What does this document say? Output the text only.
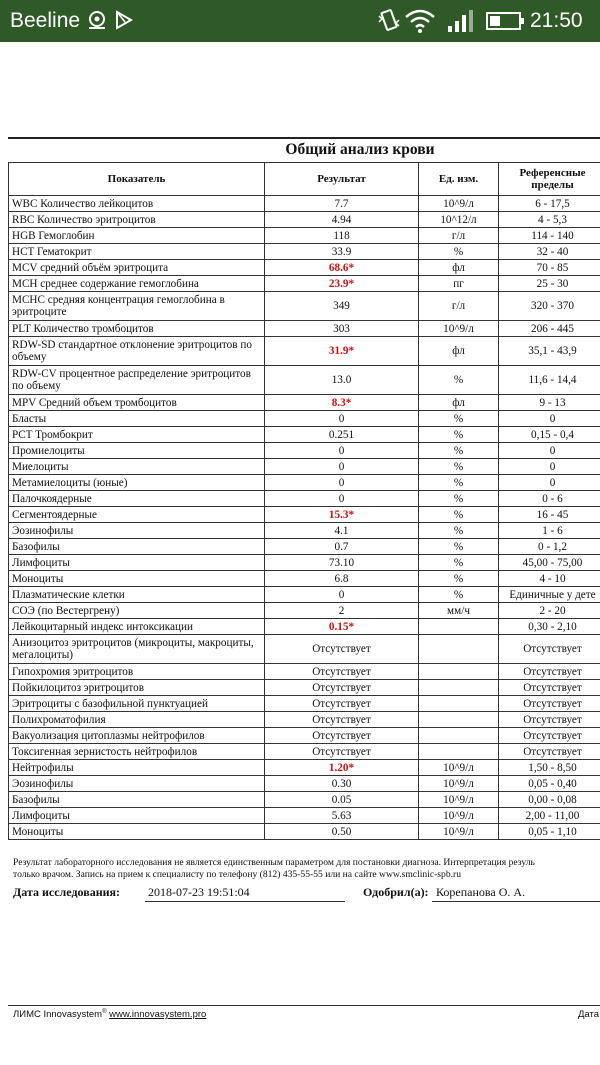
Beeline	21:50
Общий анализ крови
Показатель	Результат	Ед. изм.	Референсные
пределы
WBC Количество лейкоцитов	7.7	10^9/л	6 - 17,5
RBC Количество эритроцитов	4.94	10^12/л	4 - 5,3
HGB Гемоглобин	118	г/л	114 - 140
HCT Гематокрит	33.9	%	32 - 40
MCV средний объём эритроцита	68.6*	фл	70 - 85
MCH среднее содержание гемоглобина	23.9*	пг	25 - 30
MCHC средняя концентрация гемоглобина в эритроците	349	г/л	320 - 370
PLT Количество тромбоцитов	303	10^9/л	206 - 445
RDW-SD стандартное отклонение эритроцитов по объему	31.9*	фл	35,1 - 43,9
RDW-CV процентное распределение эритроцитов по объему	13.0	%	11,6 - 14,4
MPV Средний объем тромбоцитов	8.3*	фл	9 - 13
Бласты	0	%	0
PCT Тромбокрит	0.251	%	0,15 - 0,4
Промиелоциты	0	%	0
Миелоциты	0	%	0
Метамиелоциты (юные)	0	%	0
Палочкоядерные	0	%	0 - 6
Сегментоядерные	15.3*	%	16 - 45
Эозинофилы	4.1	%	1 - 6
Базофилы	0.7	%	0 - 1,2
Лимфоциты	73.10	%	45,00 - 75,00
Моноциты	6.8	%	4 - 10
Плазматические клетки	0	%	Единичные у дете
СОЭ (по Вестергрену)	2	мм/ч	2 - 20
Лейкоцитарный индекс интоксикации	0.15*		0,30 - 2,10
Анизоцитоз эритроцитов (микроциты, макроциты, мегалоциты)	Отсутствует		Отсутствует
Гипохромия эритроцитов	Отсутствует		Отсутствует
Пойкилоцитоз эритроцитов	Отсутствует		Отсутствует
Эритроциты с базофильной пунктуацией	Отсутствует		Отсутствует
Полихроматофилия	Отсутствует		Отсутствует
Вакуолизация цитоплазмы нейтрофилов	Отсутствует		Отсутствует
Токсигенная зернистость нейтрофилов	Отсутствует		Отсутствует
Нейтрофилы	1.20*	10^9/л	1,50 - 8,50
Эозинофилы	0.30	10^9/л	0,05 - 0,40
Базофилы	0.05	10^9/л	0,00 - 0,08
Лимфоциты	5.63	10^9/л	2,00 - 11,00
Моноциты	0.50	10^9/л	0,05 - 1,10
Результат лабораторного исследования не является единственным параметром для постановки диагноза. Интерпретация резуль
только врачом. Запись на прием к специалисту по телефону (812) 435-55-55 или на сайте www.smclinic-spb.ru
Дата исследования: 2018-07-23 19:51:04	Одобрил(а): Корепанова О. А.
ЛИМС Innovasystem® www.innovasystem.pro	Дата
